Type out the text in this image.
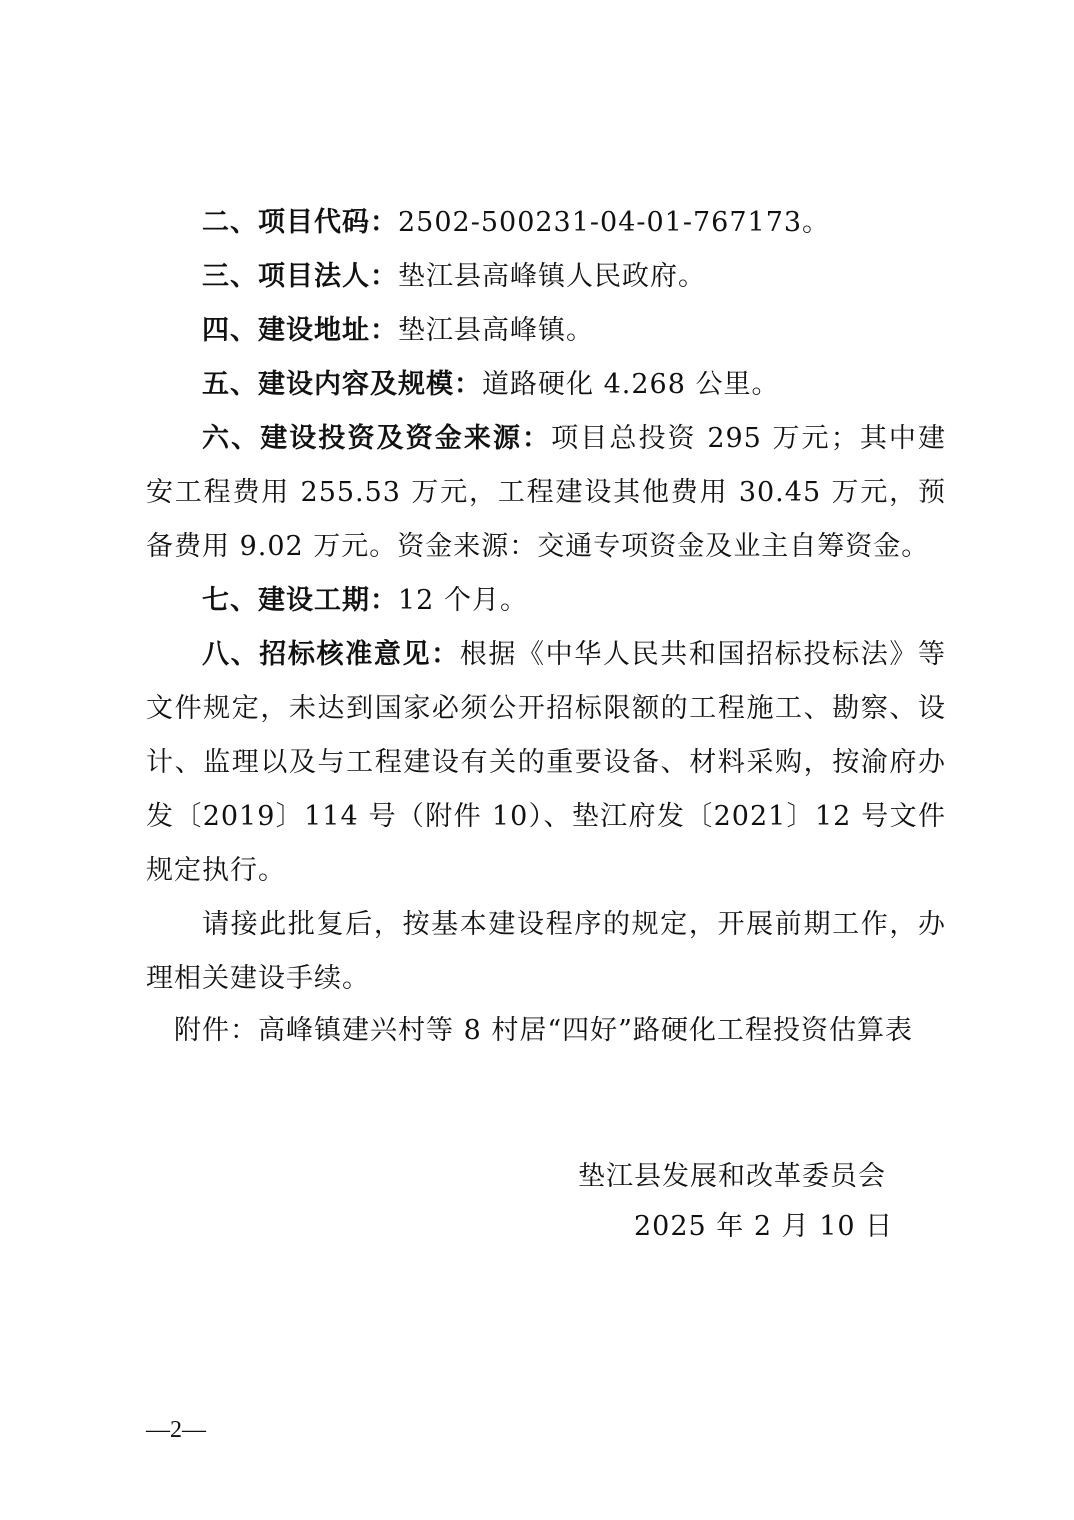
二、项目代码：2502-500231-04-01-767173。

三、项目法人：垫江县高峰镇人民政府。

四、建设地址：垫江县高峰镇。

五、建设内容及规模：道路硬化 4.268 公里。

六、建设投资及资金来源：项目总投资 295 万元；其中建安工程费用 255.53 万元，工程建设其他费用 30.45 万元，预备费用 9.02 万元。资金来源：交通专项资金及业主自筹资金。

七、建设工期：12 个月。

八、招标核准意见：根据《中华人民共和国招标投标法》等文件规定，未达到国家必须公开招标限额的工程施工、勘察、设计、监理以及与工程建设有关的重要设备、材料采购，按渝府办发〔2019〕114 号（附件 10）、垫江府发〔2021〕12 号文件规定执行。

请接此批复后，按基本建设程序的规定，开展前期工作，办理相关建设手续。

附件：高峰镇建兴村等 8 村居“四好”路硬化工程投资估算表

垫江县发展和改革委员会
2025 年 2 月 10 日
—2—
